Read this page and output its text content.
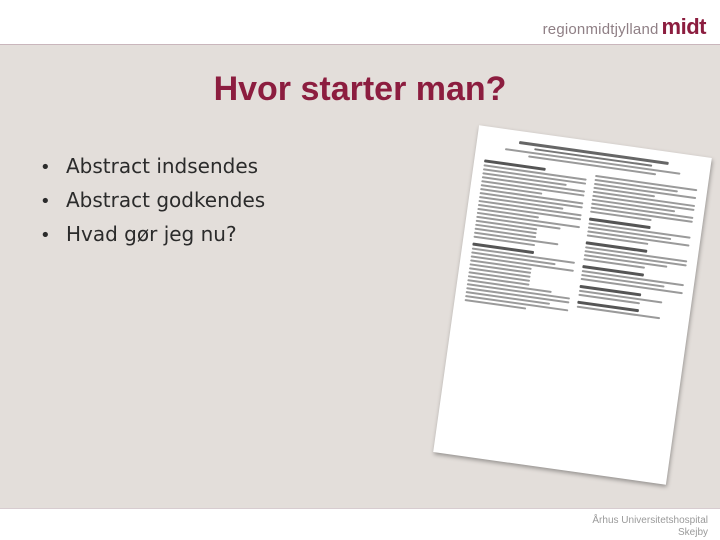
regionmidtjylland midt
Hvor starter man?
• Abstract indsendes
• Abstract godkendes
• Hvad gør jeg nu?
Århus Universitetshospital
Skejby
